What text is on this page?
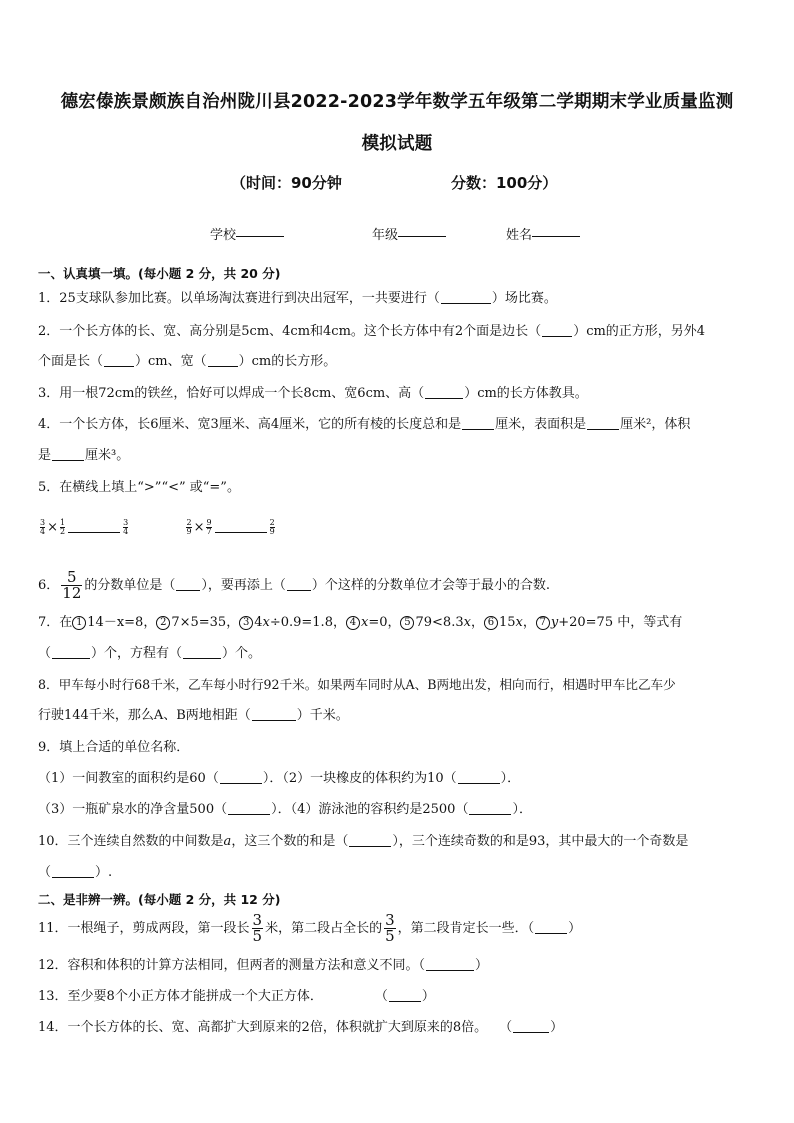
德宏傣族景颇族自治州陇川县2022-2023学年数学五年级第二学期期末学业质量监测
模拟试题
（时间：90分钟	分数：100分）
学校	年级	姓名
一、认真填一填。(每小题 2 分，共 20 分)
1．25支球队参加比赛。以单场淘汰赛进行到决出冠军，一共要进行（	）场比赛。
2．一个长方体的长、宽、高分别是5cm、4cm和4cm。这个长方体中有2个面是边长（ ）cm的正方形，另外4
个面是长（ ）cm、宽（ ）cm的长方形。
3．用一根72cm的铁丝，恰好可以焊成一个长8cm、宽6cm、高（	）cm的长方体教具。
4．一个长方体，长6厘米、宽3厘米、高4厘米，它的所有棱的长度总和是	厘米，表面积是	厘米²，体积
是	厘米³。
5．在横线上填上“>”“<” 或“=”。
$\frac{3}{4} \times \frac{1}{2}$	$\frac{3}{4}$
	$\frac{2}{9} \times \frac{9}{7}$	$\frac{2}{9}$
6． $\frac{5}{12}$ 的分数单位是（ ），要再添上（ ）个这样的分数单位才会等于最小的合数.
7．在 1 14－x=8， 2 7×5=35， 3 4x÷0.9=1.8， 4 x=0， 5 79<8.3x， 6 15x， 7 y+20=75 中，等式有
（	）个，方程有（	）个。
8．甲车每小时行68千米，乙车每小时行92千米。如果两车同时从A、B两地出发，相向而行，相遇时甲车比乙车少
行驶144千米，那么A、B两地相距（	）千米。
9．填上合适的单位名称．
（1）一间教室的面积约是60（	）．（2）一块橡皮的体积约为10（	）．
（3）一瓶矿泉水的净含量500（	）．（4）游泳池的容积约是2500（	）．
10．三个连续自然数的中间数是a，这三个数的和是（	），三个连续奇数的和是93，其中最大的一个奇数是
（	）.
二、是非辨一辨。(每小题 2 分，共 12 分)
11．一根绳子，剪成两段，第一段长 $\frac{3}{5}$ 米，第二段占全长的 $\frac{3}{5}$ ，第二段肯定长一些．（	）
12．容积和体积的计算方法相同，但两者的测量方法和意义不同。（	）
13．至少要8个小正方体才能拼成一个大正方体．	（	）
14．一个长方体的长、宽、高都扩大到原来的2倍，体积就扩大到原来的8倍。 （	）
